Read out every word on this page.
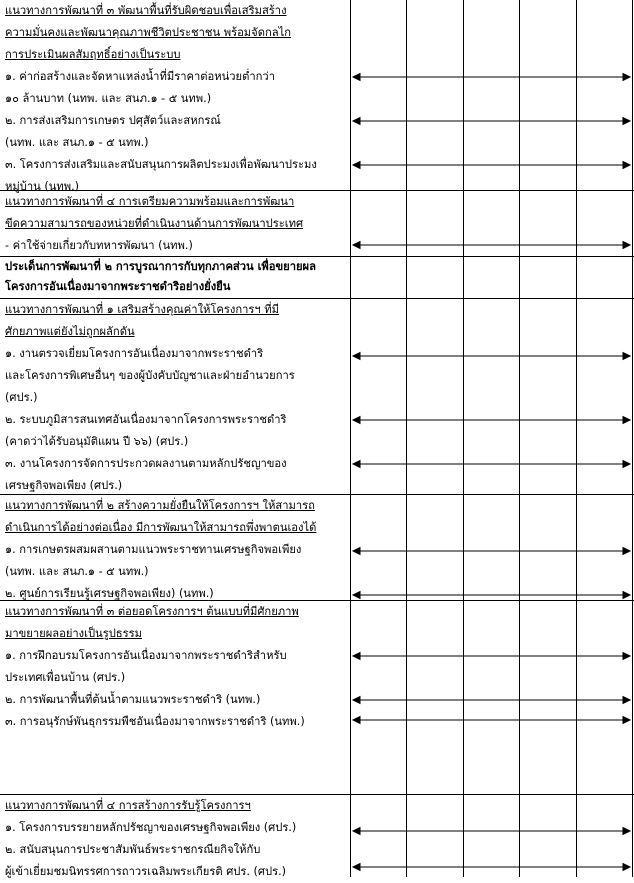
แนวทางการพัฒนาที่ ๓ พัฒนาพื้นที่รับผิดชอบเพื่อเสริมสร้าง

ความมั่นคงและพัฒนาคุณภาพชีวิตประชาชน พร้อมจัดกลไก

การประเมินผลสัมฤทธิ์อย่างเป็นระบบ

๑. ค่าก่อสร้างและจัดหาแหล่งน้ำที่มีราคาต่อหน่วยต่ำกว่า

๑๐ ล้านบาท (นทพ. และ สนภ.๑ - ๕ นทพ.)

๒. การส่งเสริมการเกษตร ปศุสัตว์และสหกรณ์

(นทพ. และ สนภ.๑ - ๕ นทพ.)

๓. โครงการส่งเสริมและสนับสนุนการผลิตประมงเพื่อพัฒนาประมง

หมู่บ้าน (นทพ.)

แนวทางการพัฒนาที่ ๔ การเตรียมความพร้อมและการพัฒนา

ขีดความสามารถของหน่วยที่ดำเนินงานด้านการพัฒนาประเทศ

- ค่าใช้จ่ายเกี่ยวกับทหารพัฒนา (นทพ.)

ประเด็นการพัฒนาที่ ๒ การบูรณาการกับทุกภาคส่วน เพื่อขยายผล

โครงการอันเนื่องมาจากพระราชดำริอย่างยั่งยืน

แนวทางการพัฒนาที่ ๑ เสริมสร้างคุณค่าให้โครงการฯ ที่มี

ศักยภาพแต่ยังไม่ถูกผลักดัน

๑. งานตรวจเยี่ยมโครงการอันเนื่องมาจากพระราชดำริ

และโครงการพิเศษอื่นๆ ของผู้บังคับบัญชาและฝ่ายอำนวยการ

(ศปร.)

๒. ระบบภูมิสารสนเทศอันเนื่องมาจากโครงการพระราชดำริ

(คาดว่าได้รับอนุมัติแผน ปี ๖๖) (ศปร.)

๓. งานโครงการจัดการประกวดผลงานตามหลักปรัชญาของ

เศรษฐกิจพอเพียง (ศปร.)

แนวทางการพัฒนาที่ ๒ สร้างความยั่งยืนให้โครงการฯ ให้สามารถ

ดำเนินการได้อย่างต่อเนื่อง มีการพัฒนาให้สามารถพึ่งพาตนเองได้

๑. การเกษตรผสมผสานตามแนวพระราชทานเศรษฐกิจพอเพียง

(นทพ. และ สนภ.๑ - ๕ นทพ.)

๒. ศูนย์การเรียนรู้เศรษฐกิจพอเพียง) (นทพ.)

แนวทางการพัฒนาที่ ๓ ต่อยอดโครงการฯ ต้นแบบที่มีศักยภาพ

มาขยายผลอย่างเป็นรูปธรรม

๑. การฝึกอบรมโครงการอันเนื่องมาจากพระราชดำริสำหรับ

ประเทศเพื่อนบ้าน (ศปร.)

๒. การพัฒนาพื้นที่ต้นน้ำตามแนวพระราชดำริ (นทพ.)

๓. การอนุรักษ์พันธุกรรมพืชอันเนื่องมาจากพระราชดำริ (นทพ.)

แนวทางการพัฒนาที่ ๔ การสร้างการรับรู้โครงการฯ

๑. โครงการบรรยายหลักปรัชญาของเศรษฐกิจพอเพียง (ศปร.)

๒. สนับสนุนการประชาสัมพันธ์พระราชกรณียกิจให้กับ

ผู้เข้าเยี่ยมชมนิทรรศการถาวรเฉลิมพระเกียรติ ศปร. (ศปร.)
